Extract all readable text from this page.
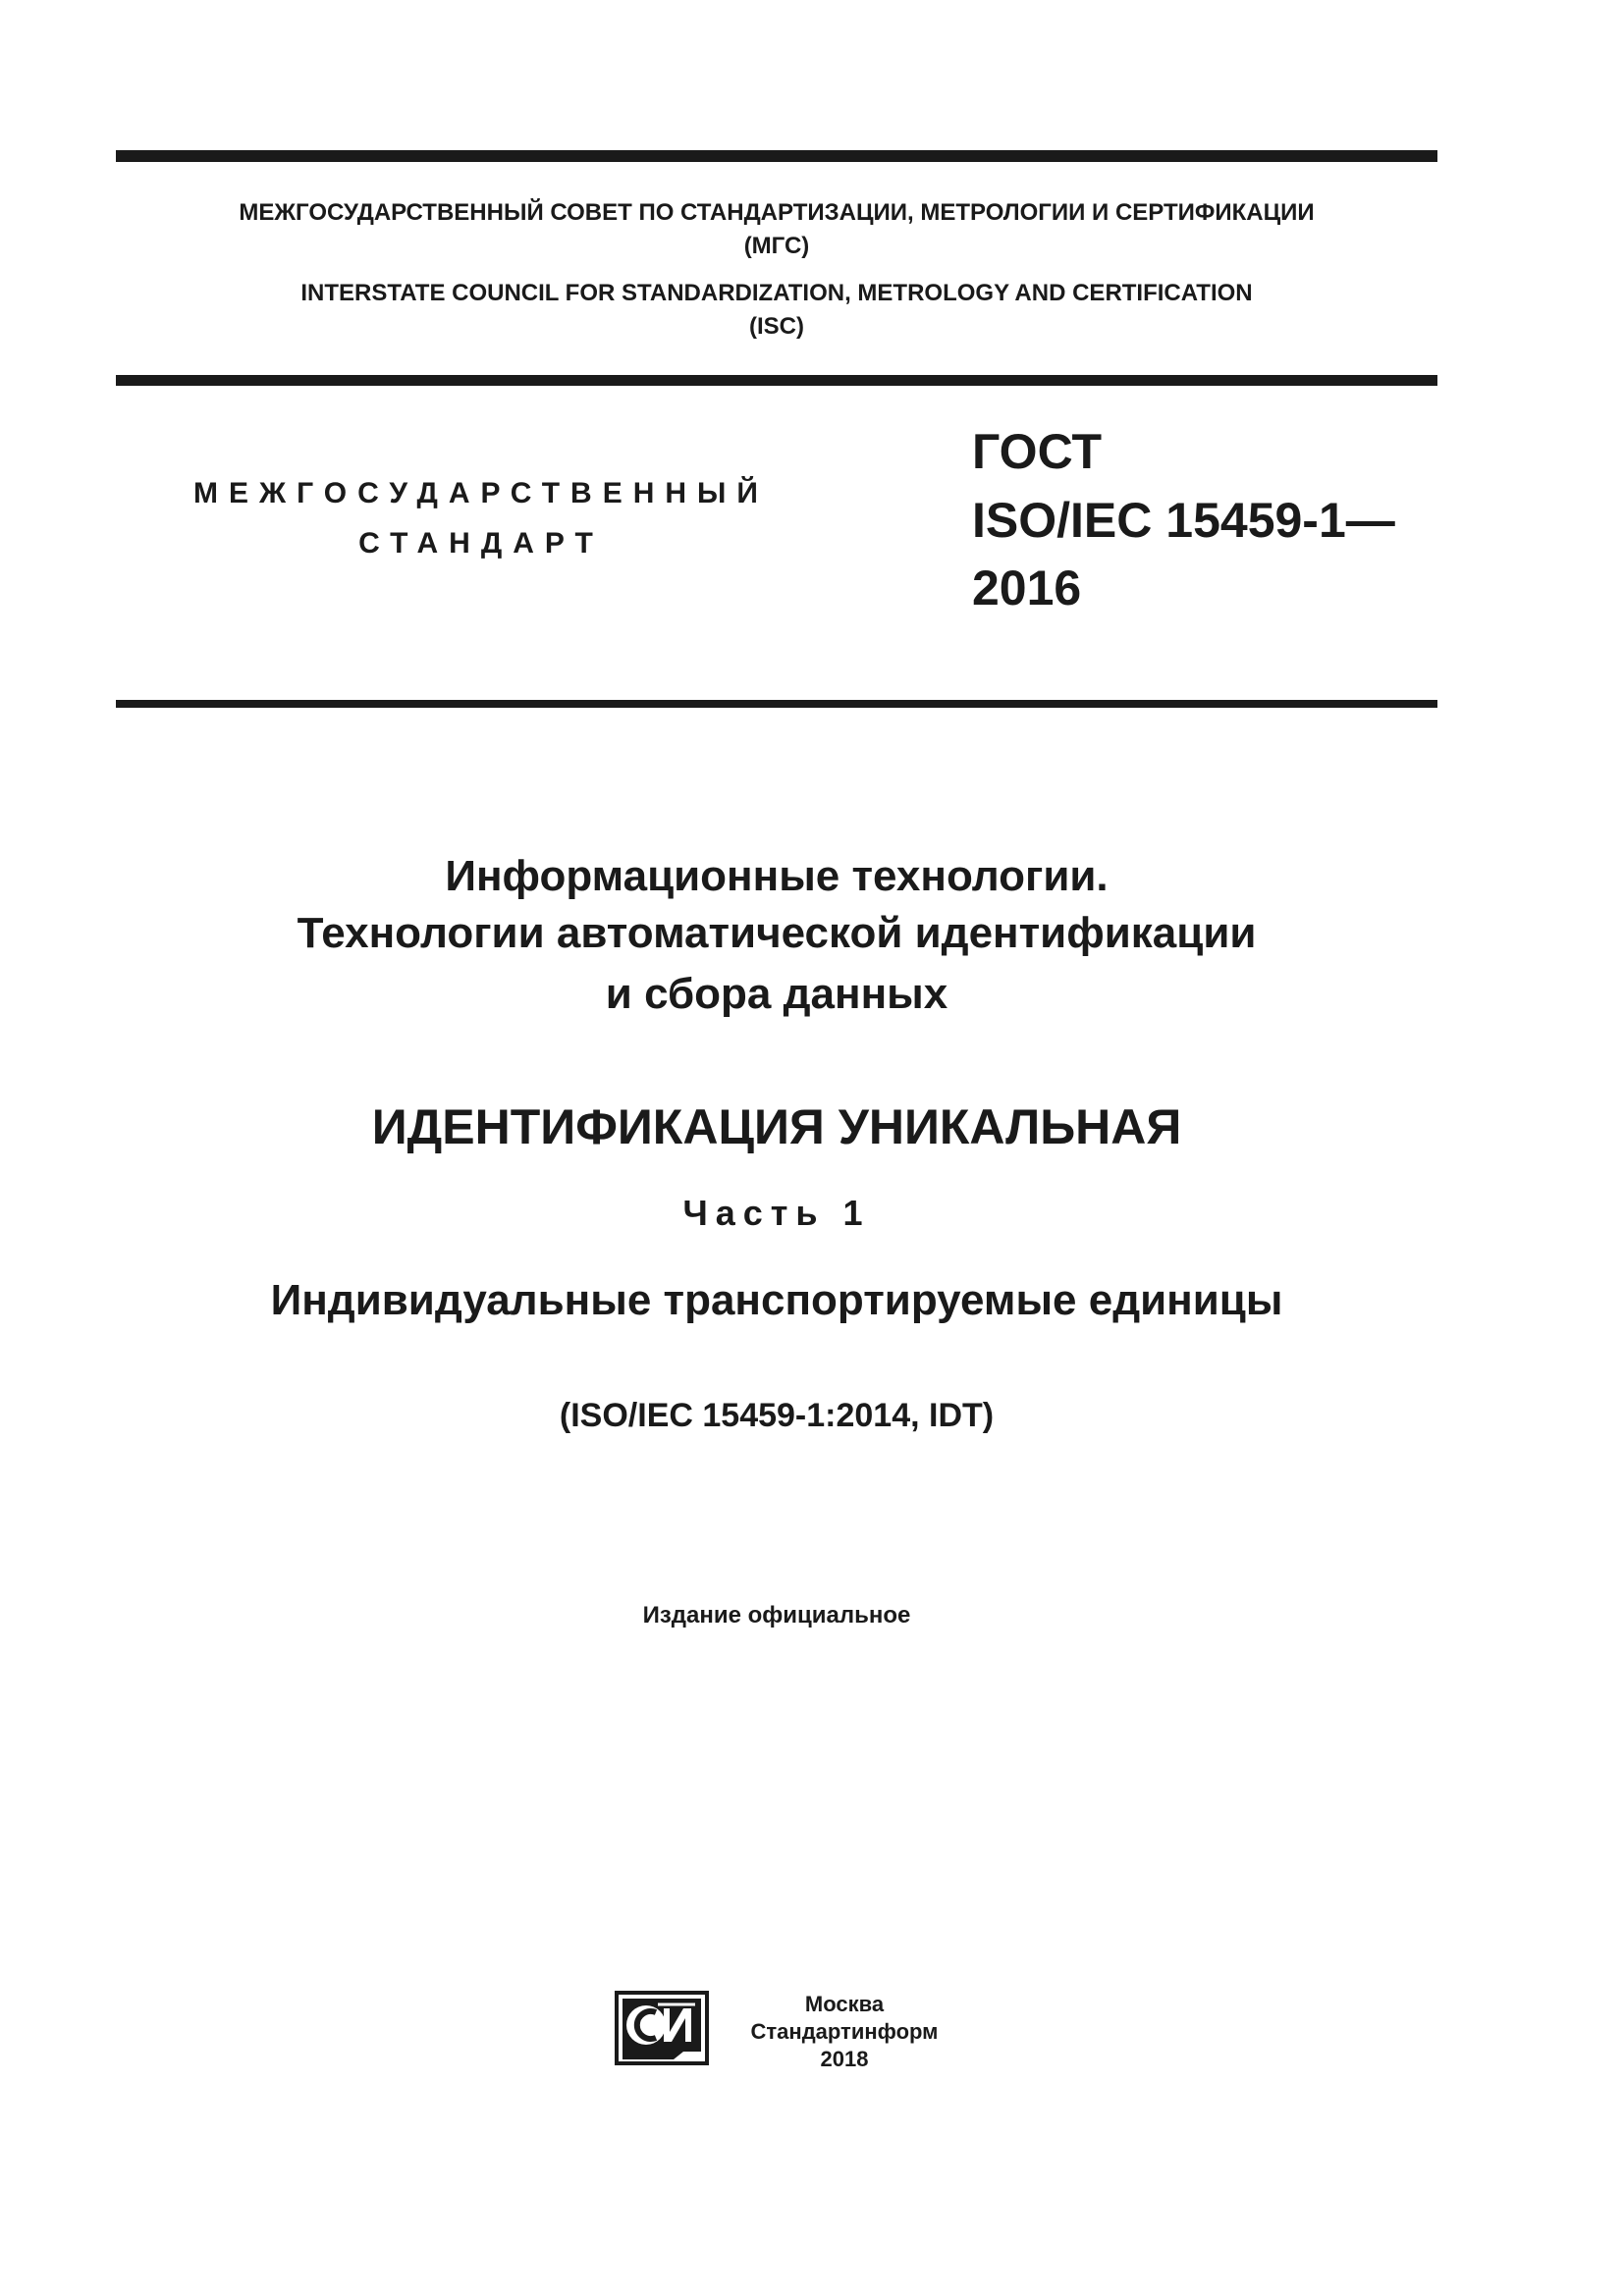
МЕЖГОСУДАРСТВЕННЫЙ СОВЕТ ПО СТАНДАРТИЗАЦИИ, МЕТРОЛОГИИ И СЕРТИФИКАЦИИ
(МГС)
INTERSTATE COUNCIL FOR STANDARDIZATION, METROLOGY AND CERTIFICATION
(ISC)
МЕЖГОСУДАРСТВЕННЫЙ
СТАНДАРТ
ГОСТ
ISO/IEC 15459-1—
2016
Информационные технологии.
Технологии автоматической идентификации
и сбора данных
ИДЕНТИФИКАЦИЯ УНИКАЛЬНАЯ
Часть 1
Индивидуальные транспортируемые единицы
(ISO/IEC 15459-1:2014, IDT)
Издание официальное
Москва
Стандартинформ
2018
